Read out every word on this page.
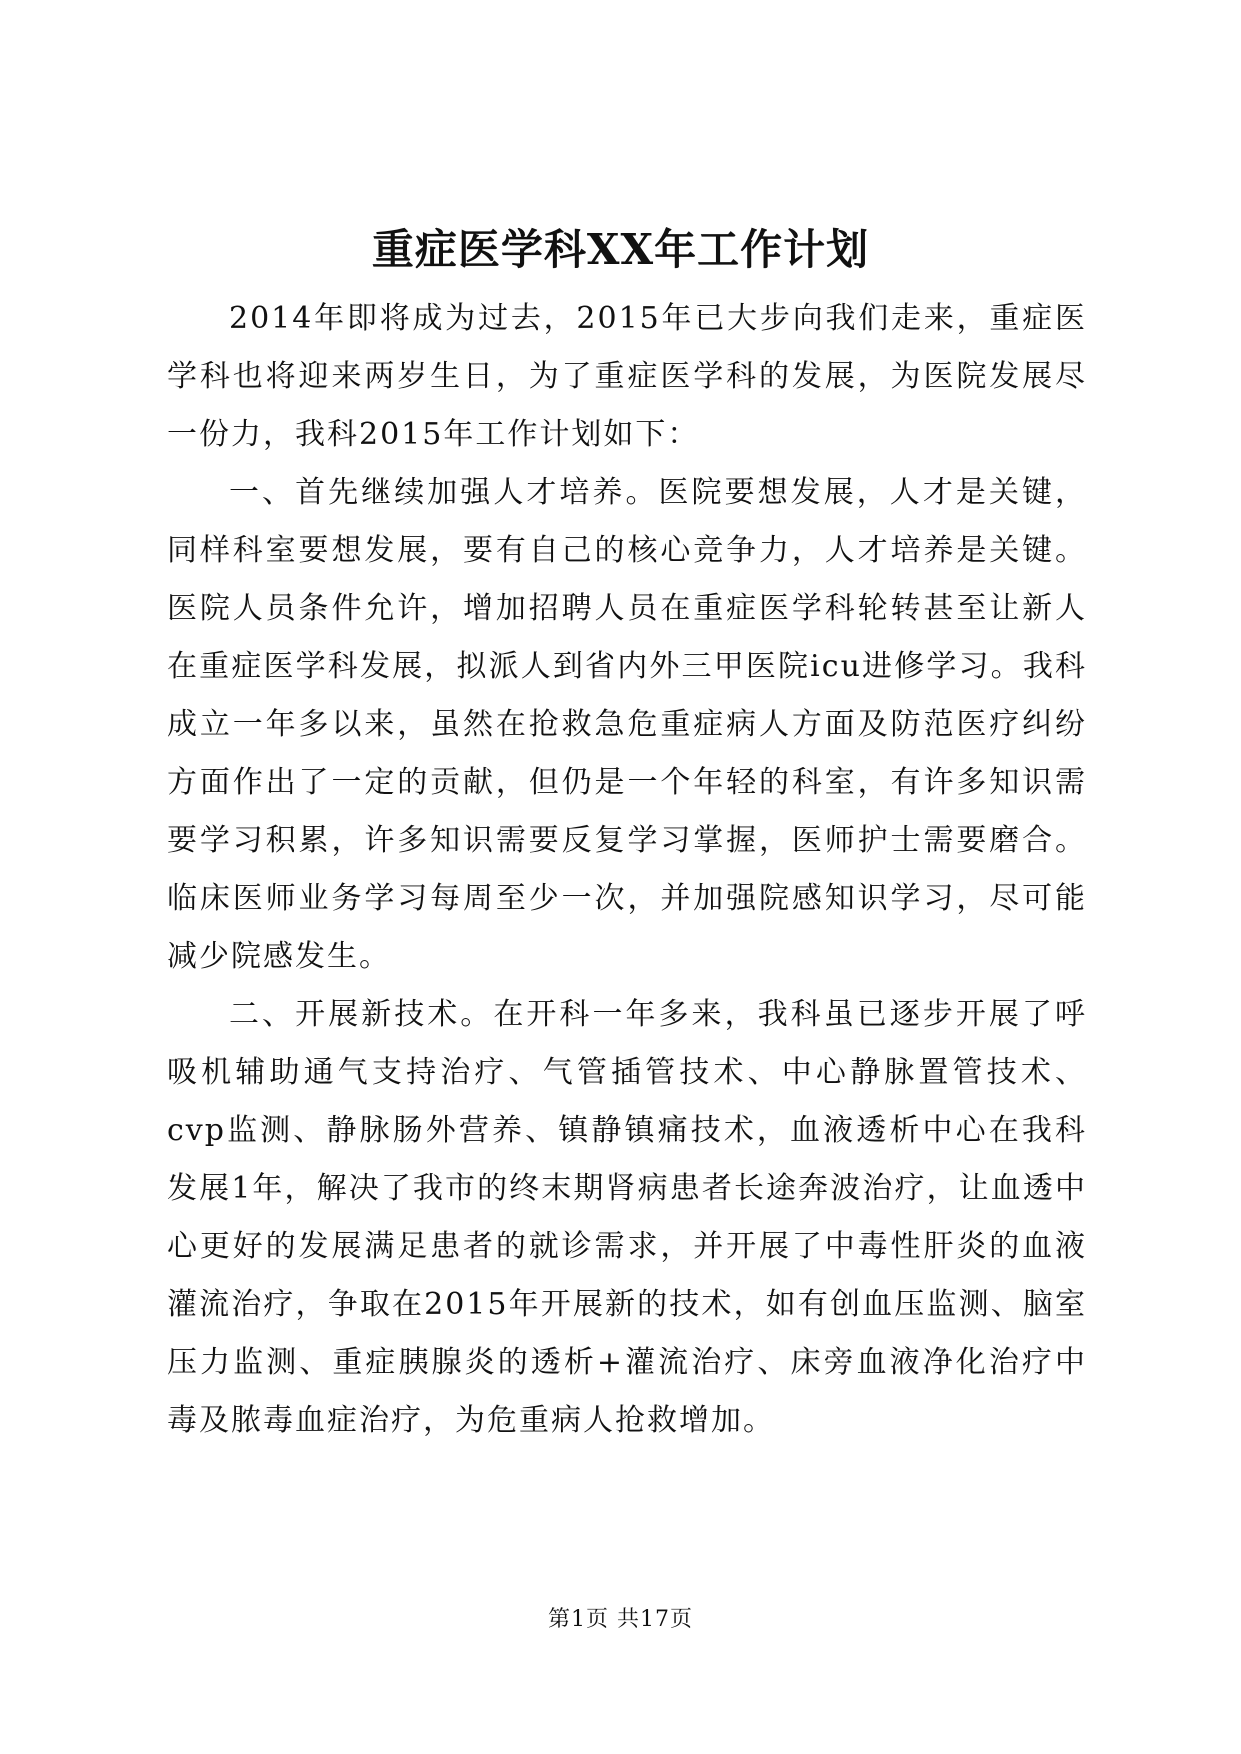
重症医学科XX年工作计划

2014年即将成为过去，2015年已大步向我们走来，重症医学科也将迎来两岁生日，为了重症医学科的发展，为医院发展尽一份力，我科2015年工作计划如下：

一、首先继续加强人才培养。医院要想发展，人才是关键，同样科室要想发展，要有自己的核心竞争力，人才培养是关键。医院人员条件允许，增加招聘人员在重症医学科轮转甚至让新人在重症医学科发展，拟派人到省内外三甲医院icu进修学习。我科成立一年多以来，虽然在抢救急危重症病人方面及防范医疗纠纷方面作出了一定的贡献，但仍是一个年轻的科室，有许多知识需要学习积累，许多知识需要反复学习掌握，医师护士需要磨合。临床医师业务学习每周至少一次，并加强院感知识学习，尽可能减少院感发生。

二、开展新技术。在开科一年多来，我科虽已逐步开展了呼吸机辅助通气支持治疗、气管插管技术、中心静脉置管技术、cvp监测、静脉肠外营养、镇静镇痛技术，血液透析中心在我科发展1年，解决了我市的终末期肾病患者长途奔波治疗，让血透中心更好的发展满足患者的就诊需求，并开展了中毒性肝炎的血液灌流治疗，争取在2015年开展新的技术，如有创血压监测、脑室压力监测、重症胰腺炎的透析+灌流治疗、床旁血液净化治疗中毒及脓毒血症治疗，为危重病人抢救增加。

第1页 共17页
